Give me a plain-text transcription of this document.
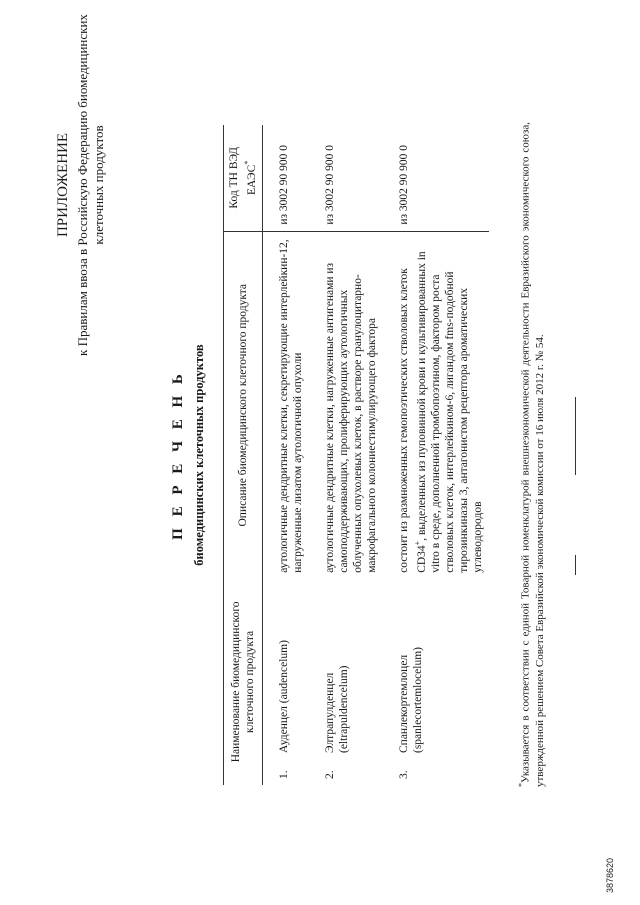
ПРИЛОЖЕНИЕ к Правилам ввоза в Российскую Федерацию биомедицинских клеточных продуктов
П Е Р Е Ч Е Н Ь биомедицинских клеточных продуктов
Наименование биомедицинского клеточного продукта	Описание биомедицинского клеточного продукта	Код ТН ВЭД ЕАЭС*
1.Ауденцел (audencelum)	аутологичные дендритные клетки, секретирующие интерлейкин-12, нагруженные лизатом аутологичной опухоли	из 3002 90 900 0
2.Элтрапулденцел (eltrapuldencelum)	аутологичные дендритные клетки, нагруженные антигенами из самоподдерживающих, пролиферирующих аутологичных облученных опухолевых клеток, в растворе гранулоцитарно-макрофагального колониестимулирующего фактора	из 3002 90 900 0
3.Спанлекортемлоцел (spanlecortemlocelum)	состоит из размноженных гемопоэтических стволовых клеток CD34+, выделенных из пуповинной крови и культивированных in vitro в среде, дополненной тромбопоэтином, фактором роста стволовых клеток, интерлейкином-6, лигандом fms-подобной тирозинкиназы 3, антагонистом рецептора ароматических углеводородов	из 3002 90 900 0
*Указывается в соответствии с единой Товарной номенклатурой внешнеэкономической деятельности Евразийского экономического союза, утвержденной решением Совета Евразийской экономической комиссии от 16 июля 2012 г. № 54.
3878620
